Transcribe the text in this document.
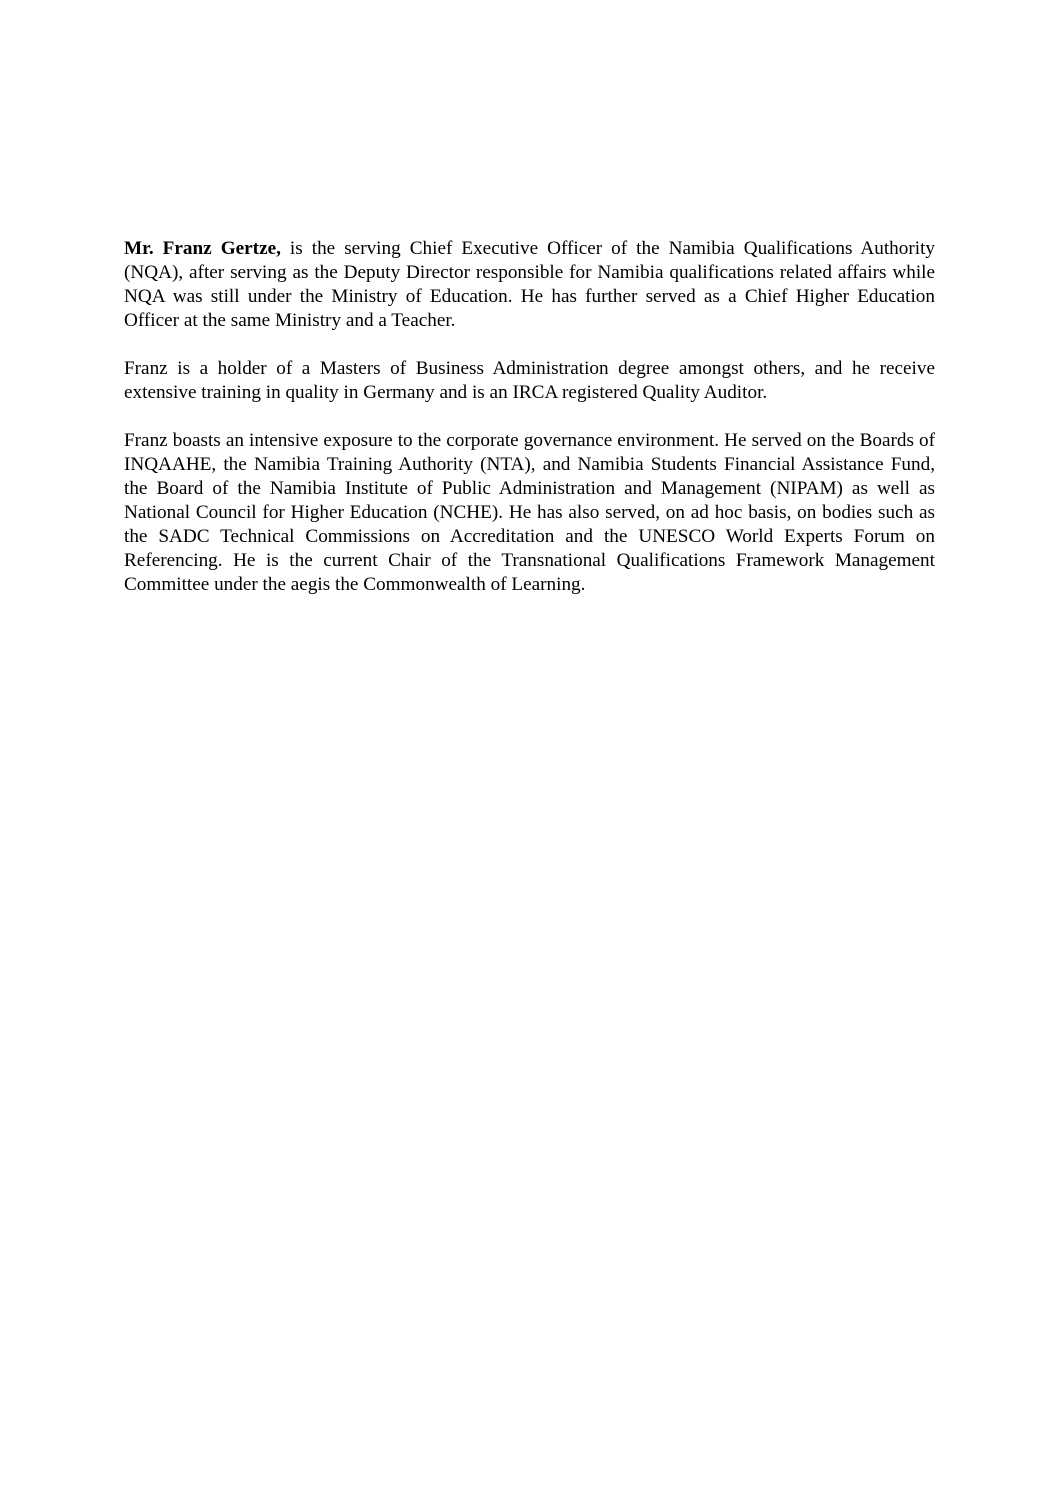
Mr. Franz Gertze, is the serving Chief Executive Officer of the Namibia Qualifications Authority (NQA), after serving as the Deputy Director responsible for Namibia qualifications related affairs while NQA was still under the Ministry of Education. He has further served as a Chief Higher Education Officer at the same Ministry and a Teacher.

Franz is a holder of a Masters of Business Administration degree amongst others, and he receive extensive training in quality in Germany and is an IRCA registered Quality Auditor.

Franz boasts an intensive exposure to the corporate governance environment. He served on the Boards of INQAAHE, the Namibia Training Authority (NTA), and Namibia Students Financial Assistance Fund, the Board of the Namibia Institute of Public Administration and Management (NIPAM) as well as National Council for Higher Education (NCHE). He has also served, on ad hoc basis, on bodies such as the SADC Technical Commissions on Accreditation and the UNESCO World Experts Forum on Referencing. He is the current Chair of the Transnational Qualifications Framework Management Committee under the aegis the Commonwealth of Learning.
